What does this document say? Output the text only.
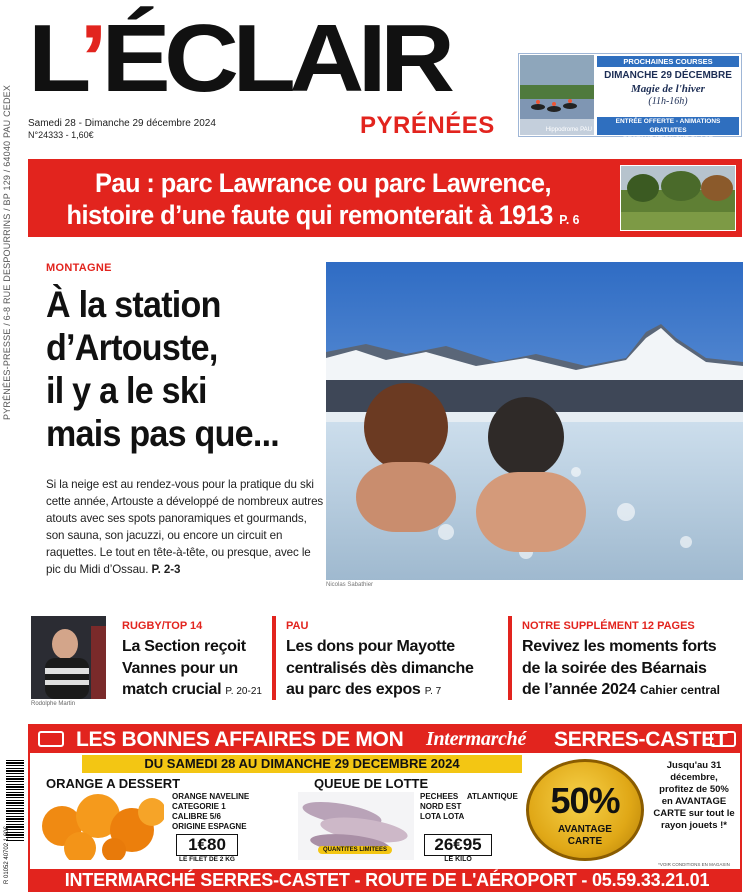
PYRÉNÉES-PRESSE / 6-8 RUE DESPOURRINS / BP 129 / 64040 PAU CEDEX
L’ÉCLAIR
PYRÉNÉES
Samedi 28 - Dimanche 29 décembre 2024
N°24333 - 1,60€	Hippodrome PAU
PROCHAINES COURSES
DIMANCHE 29 DÉCEMBRE
Magie de l'hiver
(11h-16h)
ENTRÉE OFFERTE - ANIMATIONS GRATUITES
RESTAURATION SUR PLACE
Pau : parc Lawrance ou parc Lawrence,
histoire d’une faute qui remonterait à 1913 P. 6
MONTAGNE
À la station
d’Artouste,
il y a le ski
mais pas que...
Si la neige est au rendez-vous pour la pratique du ski cette année, Artouste a développé de nombreux autres atouts avec ses spots panoramiques et gourmands, son sauna, son jacuzzi, ou encore un circuit en raquettes. Le tout en tête-à-tête, ou presque, avec le pic du Midi d’Ossau. P. 2-3
Nicolas Sabathier
Rodolphe Martin
RUGBY/TOP 14
La Section reçoit
Vannes pour un
match crucial P. 20-21
PAU
Les dons pour Mayotte
centralisés dès dimanche
au parc des expos P. 7
NOTRE SUPPLÉMENT 12 PAGES
Revivez les moments forts
de la soirée des Béarnais
de l’année 2024 Cahier central
LES BONNES AFFAIRES DE MON Intermarché SERRES-CASTET
DU SAMEDI 28 AU DIMANCHE 29 DECEMBRE 2024
ORANGE A DESSERT
ORANGE NAVELINE
CATEGORIE 1
CALIBRE 5/6
ORIGINE ESPAGNE
1€80
LE FILET DE 2 KG
QUEUE DE LOTTE
QUANTITES LIMITEES
PECHEES    ATLANTIQUE
NORD EST
LOTA LOTA
26€95
LE KILO
50%
AVANTAGE
CARTE
Jusqu'au 31
décembre,
profitez de 50%
en AVANTAGE
CARTE sur tout le
rayon jouets !*
*VOIR CONDITIONS EN MAGASIN
INTERMARCHÉ SERRES-CASTET - ROUTE DE L'AÉROPORT - 05.59.33.21.01
R 01052 40702 1,60€
